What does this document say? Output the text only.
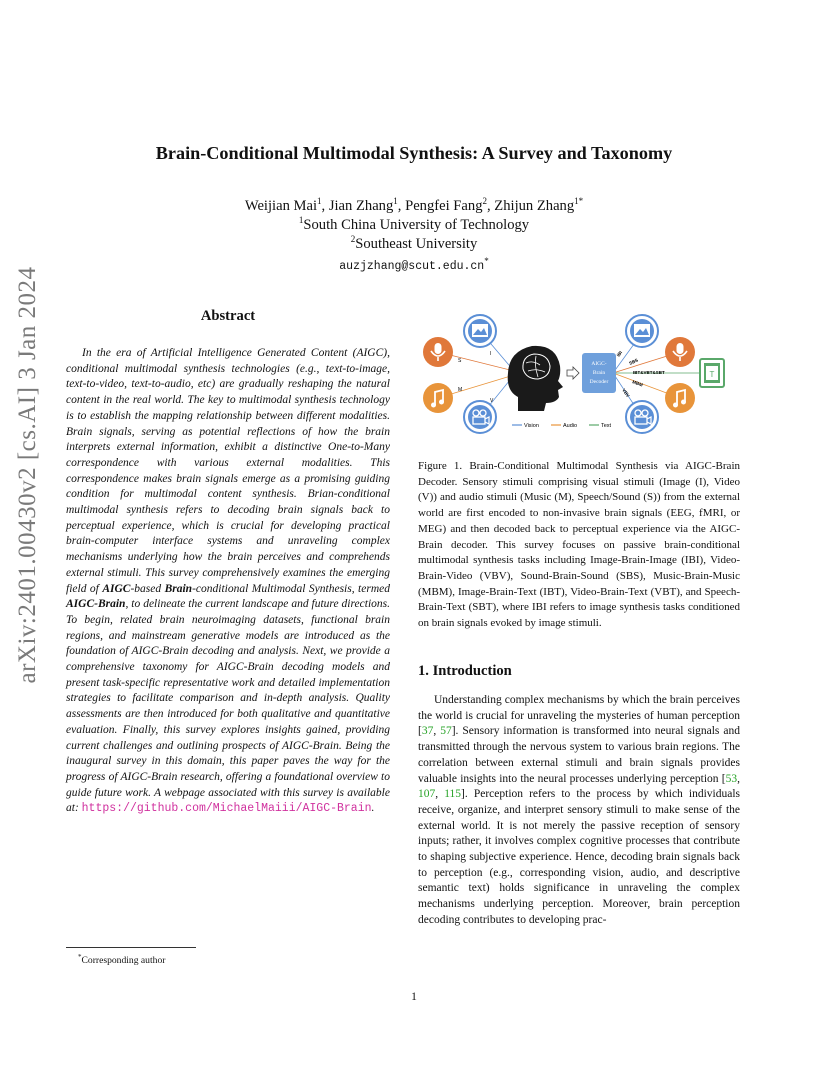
arXiv:2401.00430v2 [cs.AI] 3 Jan 2024
Brain-Conditional Multimodal Synthesis: A Survey and Taxonomy
Weijian Mai$^1$, Jian Zhang$^1$, Pengfei Fang$^2$, Zhijun Zhang$^{1*}$
$^1$South China University of Technology
$^2$Southeast University
auzjzhang@scut.edu.cn*
Abstract
In the era of Artificial Intelligence Generated Content (AIGC), conditional multimodal synthesis technologies (e.g., text-to-image, text-to-video, text-to-audio, etc) are gradually reshaping the natural content in the real world. The key to multimodal synthesis technology is to establish the mapping relationship between different modalities. Brain signals, serving as potential reflections of how the brain interprets external information, exhibit a distinctive One-to-Many correspondence with various external modalities. This correspondence makes brain signals emerge as a promising guiding condition for multimodal content synthesis. Brian-conditional multimodal synthesis refers to decoding brain signals back to perceptual experience, which is crucial for developing practical brain-computer interface systems and unraveling complex mechanisms underlying how the brain perceives and comprehends external stimuli. This survey comprehensively examines the emerging field of AIGC-based Brain-conditional Multimodal Synthesis, termed AIGC-Brain, to delineate the current landscape and future directions. To begin, related brain neuroimaging datasets, functional brain regions, and mainstream generative models are introduced as the foundation of AIGC-Brain decoding and analysis. Next, we provide a comprehensive taxonomy for AIGC-Brain decoding models and present task-specific representative work and detailed implementation strategies to facilitate comparison and in-depth analysis. Quality assessments are then introduced for both qualitative and quantitative evaluation. Finally, this survey explores insights gained, providing current challenges and outlining prospects of AIGC-Brain. Being the inaugural survey in this domain, this paper paves the way for the progress of AIGC-Brain research, offering a foundational overview to guide future work. A webpage associated with this survey is available at: https://github.com/MichaelMaiii/AIGC-Brain.
*Corresponding author
S
I
M
V
AIGC-
Brain
Decoder
IBI
SBS
IBT&VBT&SBT
MBM
VBV
T
Vision	Audio	Text
Figure 1. Brain-Conditional Multimodal Synthesis via AIGC-Brain Decoder. Sensory stimuli comprising visual stimuli (Image (I), Video (V)) and audio stimuli (Music (M), Speech/Sound (S)) from the external world are first encoded to non-invasive brain signals (EEG, fMRI, or MEG) and then decoded back to perceptual experience via the AIGC-Brain decoder. This survey focuses on passive brain-conditional multimodal synthesis tasks including Image-Brain-Image (IBI), Video-Brain-Video (VBV), Sound-Brain-Sound (SBS), Music-Brain-Music (MBM), Image-Brain-Text (IBT), Video-Brain-Text (VBT), and Speech-Brain-Text (SBT), where IBI refers to image synthesis tasks conditioned on brain signals evoked by image stimuli.
1. Introduction
Understanding complex mechanisms by which the brain perceives the world is crucial for unraveling the mysteries of human perception [37, 57]. Sensory information is transformed into neural signals and transmitted through the nervous system to various brain regions. The correlation between external stimuli and brain signals provides valuable insights into the neural processes underlying perception [53, 107, 115]. Perception refers to the process by which individuals receive, organize, and interpret sensory stimuli to make sense of the external world. It is not merely the passive reception of sensory inputs; rather, it involves complex cognitive processes that contribute to shaping subjective experience. Hence, decoding brain signals back to perception (e.g., corresponding vision, audio, and descriptive semantic text) holds significance in unraveling the complex mechanisms underlying perception. Moreover, brain perception decoding contributes to developing prac-
1
